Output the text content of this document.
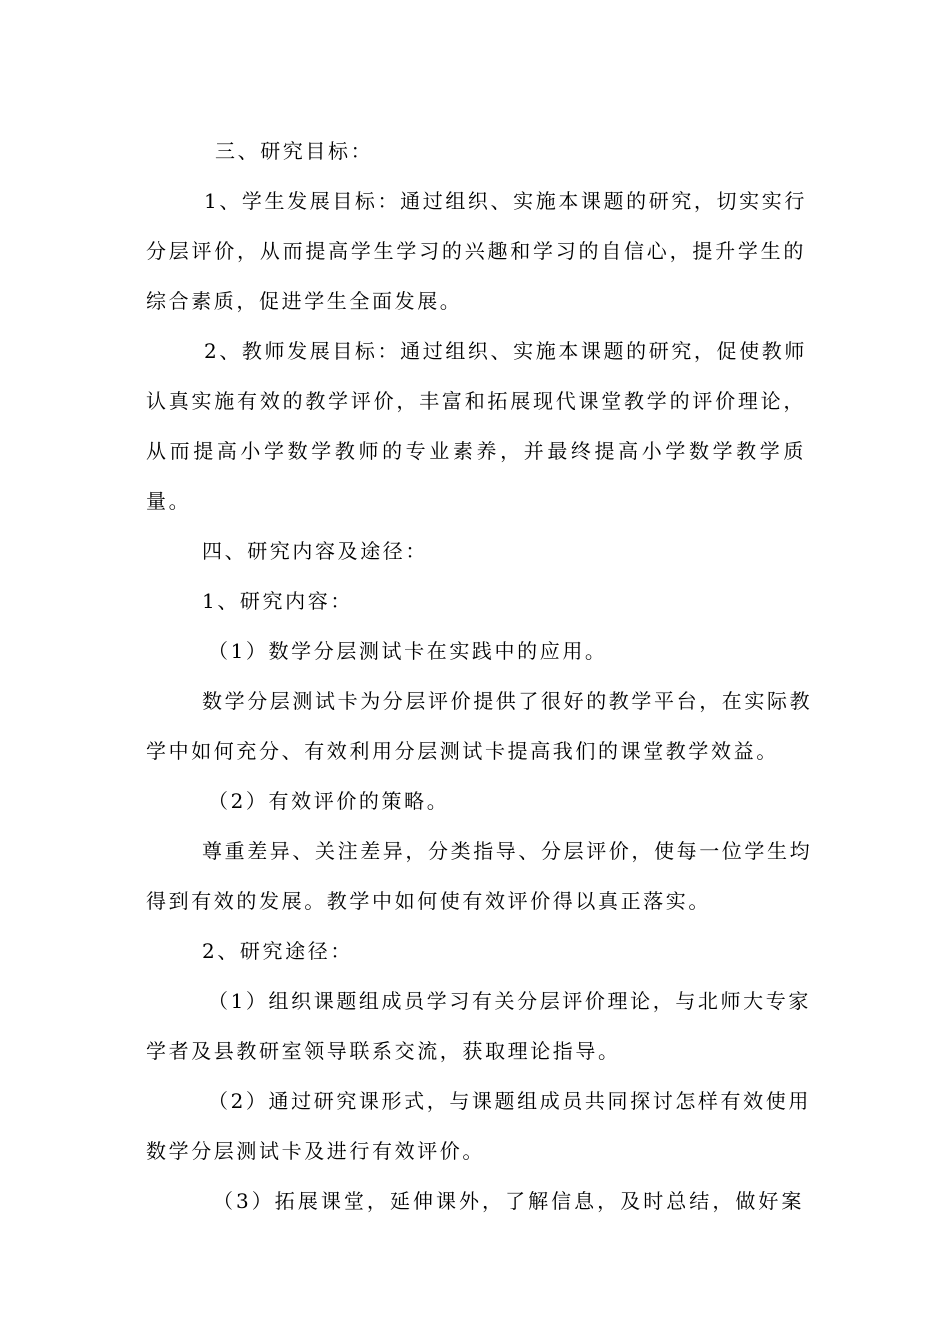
三、研究目标：
1、学生发展目标：通过组织、实施本课题的研究，切实实行
分层评价，从而提高学生学习的兴趣和学习的自信心，提升学生的
综合素质，促进学生全面发展。
2、教师发展目标：通过组织、实施本课题的研究，促使教师
认真实施有效的教学评价，丰富和拓展现代课堂教学的评价理论，
从而提高小学数学教师的专业素养，并最终提高小学数学教学质
量。
四、研究内容及途径：
1、研究内容：
（1）数学分层测试卡在实践中的应用。
数学分层测试卡为分层评价提供了很好的教学平台，在实际教
学中如何充分、有效利用分层测试卡提高我们的课堂教学效益。
（2）有效评价的策略。
尊重差异、关注差异，分类指导、分层评价，使每一位学生均
得到有效的发展。教学中如何使有效评价得以真正落实。
2、研究途径：
（1）组织课题组成员学习有关分层评价理论，与北师大专家
学者及县教研室领导联系交流，获取理论指导。
（2）通过研究课形式，与课题组成员共同探讨怎样有效使用
数学分层测试卡及进行有效评价。
（3）拓展课堂，延伸课外，了解信息，及时总结，做好案
